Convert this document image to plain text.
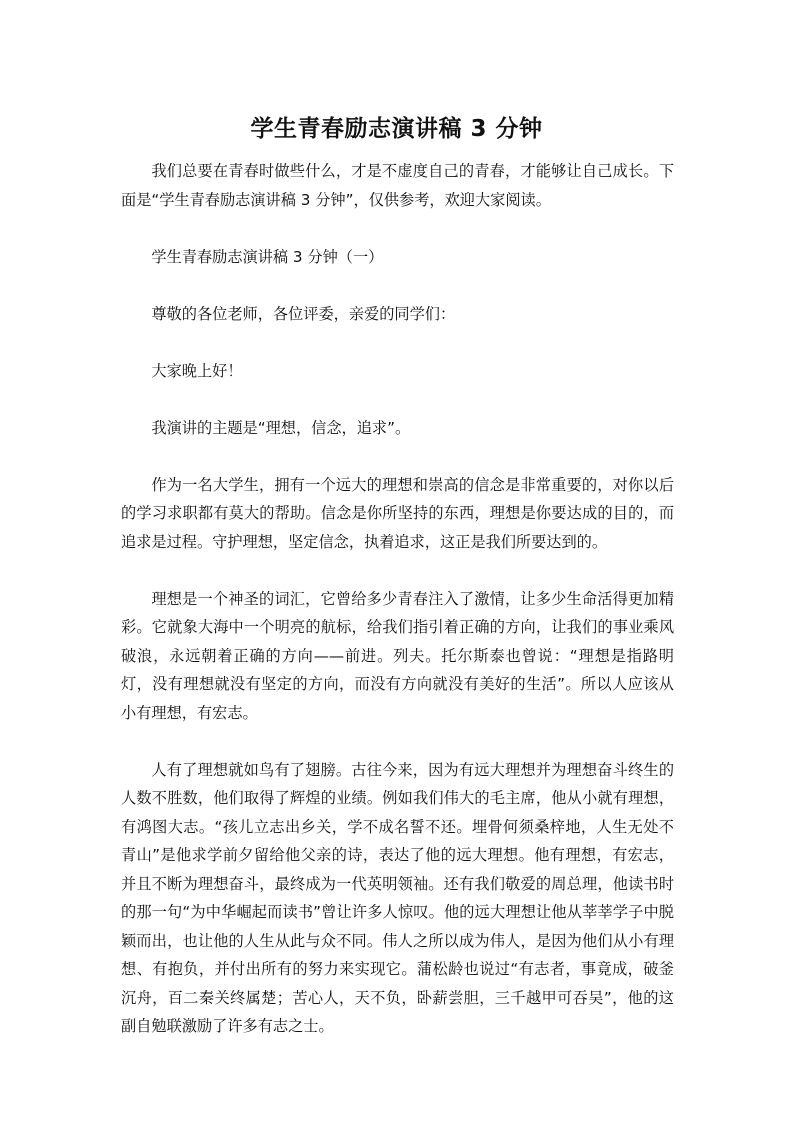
学生青春励志演讲稿 3 分钟

我们总要在青春时做些什么，才是不虚度自己的青春，才能够让自己成长。下面是“学生青春励志演讲稿 3 分钟”，仅供参考，欢迎大家阅读。

学生青春励志演讲稿 3 分钟（一）

尊敬的各位老师，各位评委，亲爱的同学们：

大家晚上好！

我演讲的主题是“理想，信念，追求”。

作为一名大学生，拥有一个远大的理想和崇高的信念是非常重要的，对你以后的学习求职都有莫大的帮助。信念是你所坚持的东西，理想是你要达成的目的，而追求是过程。守护理想，坚定信念，执着追求，这正是我们所要达到的。

理想是一个神圣的词汇，它曾给多少青春注入了激情，让多少生命活得更加精彩。它就象大海中一个明亮的航标，给我们指引着正确的方向，让我们的事业乘风破浪，永远朝着正确的方向——前进。列夫。托尔斯泰也曾说：“理想是指路明灯，没有理想就没有坚定的方向，而没有方向就没有美好的生活”。所以人应该从小有理想，有宏志。

人有了理想就如鸟有了翅膀。古往今来，因为有远大理想并为理想奋斗终生的人数不胜数，他们取得了辉煌的业绩。例如我们伟大的毛主席，他从小就有理想，有鸿图大志。“孩儿立志出乡关，学不成名誓不还。埋骨何须桑梓地，人生无处不青山”是他求学前夕留给他父亲的诗，表达了他的远大理想。他有理想，有宏志，并且不断为理想奋斗，最终成为一代英明领袖。还有我们敬爱的周总理，他读书时的那一句“为中华崛起而读书”曾让许多人惊叹。他的远大理想让他从莘莘学子中脱颖而出，也让他的人生从此与众不同。伟人之所以成为伟人，是因为他们从小有理想、有抱负，并付出所有的努力来实现它。蒲松龄也说过“有志者，事竟成，破釜沉舟，百二秦关终属楚；苦心人，天不负，卧薪尝胆，三千越甲可吞吴”，他的这副自勉联激励了许多有志之士。
